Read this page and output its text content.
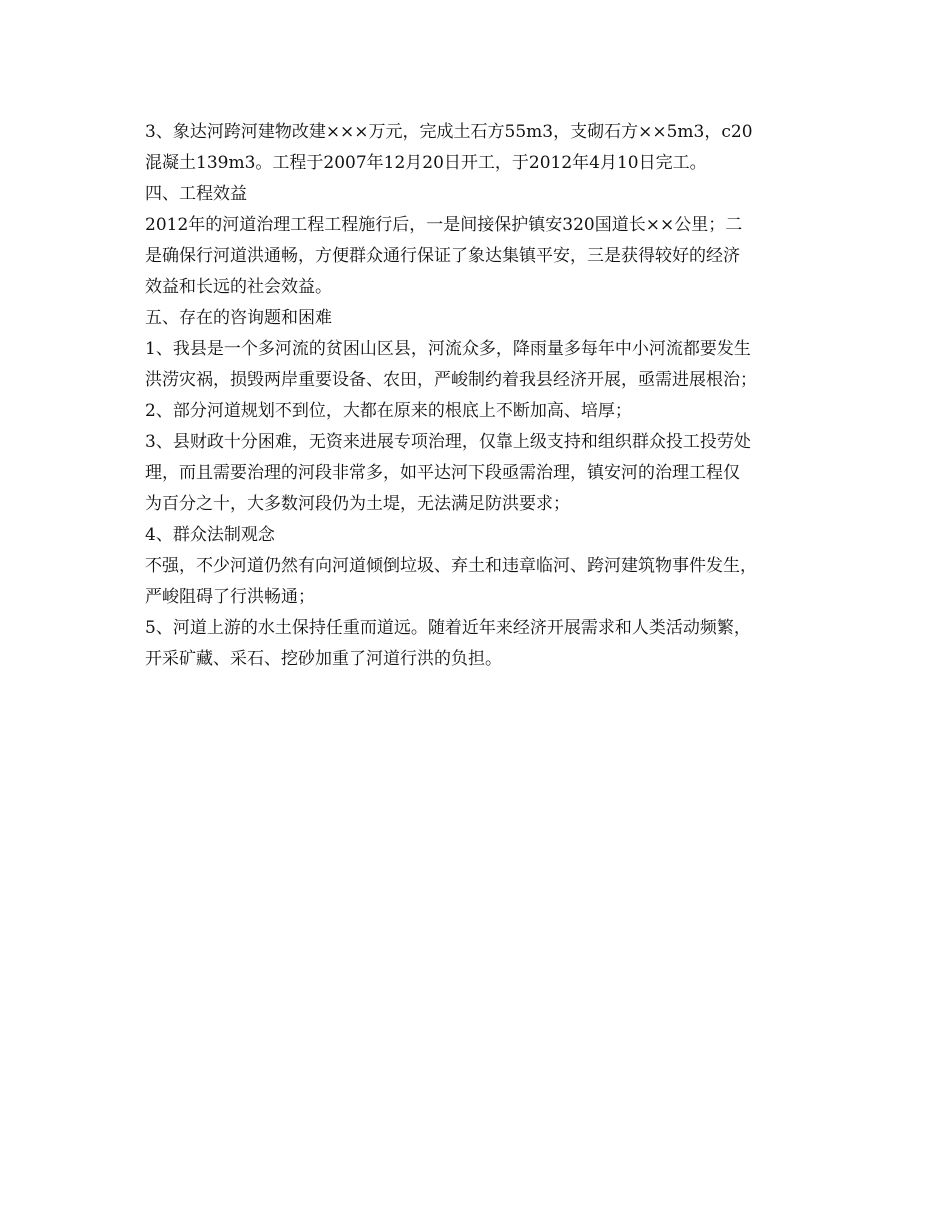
3、象达河跨河建物改建×××万元，完成土石方55m3，支砌石方××5m3，c20
混凝土139m3。工程于2007年12月20日开工，于2012年4月10日完工。
四、工程效益
2012年的河道治理工程工程施行后，一是间接保护镇安320国道长××公里；二
是确保行河道洪通畅，方便群众通行保证了象达集镇平安，三是获得较好的经济
效益和长远的社会效益。
五、存在的咨询题和困难
1、我县是一个多河流的贫困山区县，河流众多，降雨量多每年中小河流都要发生
洪涝灾祸，损毁两岸重要设备、农田，严峻制约着我县经济开展，亟需进展根治；
2、部分河道规划不到位，大都在原来的根底上不断加高、培厚；
3、县财政十分困难，无资来进展专项治理，仅靠上级支持和组织群众投工投劳处
理，而且需要治理的河段非常多，如平达河下段亟需治理，镇安河的治理工程仅
为百分之十，大多数河段仍为土堤，无法满足防洪要求；
4、群众法制观念
不强，不少河道仍然有向河道倾倒垃圾、弃土和违章临河、跨河建筑物事件发生，
严峻阻碍了行洪畅通；
5、河道上游的水土保持任重而道远。随着近年来经济开展需求和人类活动频繁，
开采矿藏、采石、挖砂加重了河道行洪的负担。
